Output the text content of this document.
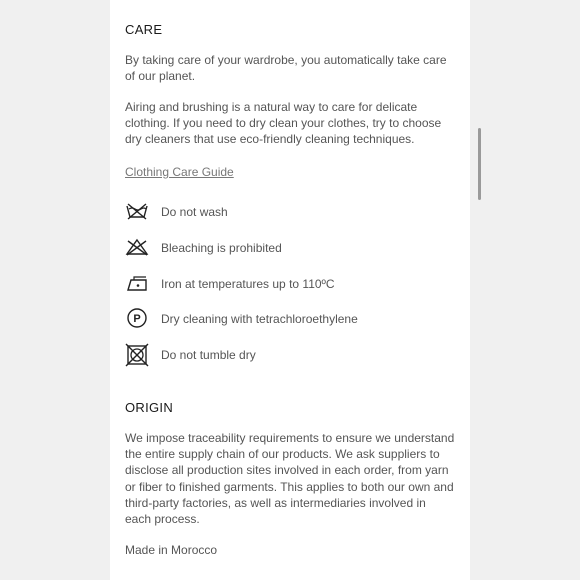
CARE
By taking care of your wardrobe, you automatically take care of our planet.
Airing and brushing is a natural way to care for delicate clothing. If you need to dry clean your clothes, try to choose dry cleaners that use eco-friendly cleaning techniques.
Clothing Care Guide
Do not wash
Bleaching is prohibited
Iron at temperatures up to 110ºC
P Dry cleaning with tetrachloroethylene
Do not tumble dry
ORIGIN
We impose traceability requirements to ensure we understand the entire supply chain of our products. We ask suppliers to disclose all production sites involved in each order, from yarn or fiber to finished garments. This applies to both our own and third-party factories, as well as intermediaries involved in each process.
Made in Morocco
